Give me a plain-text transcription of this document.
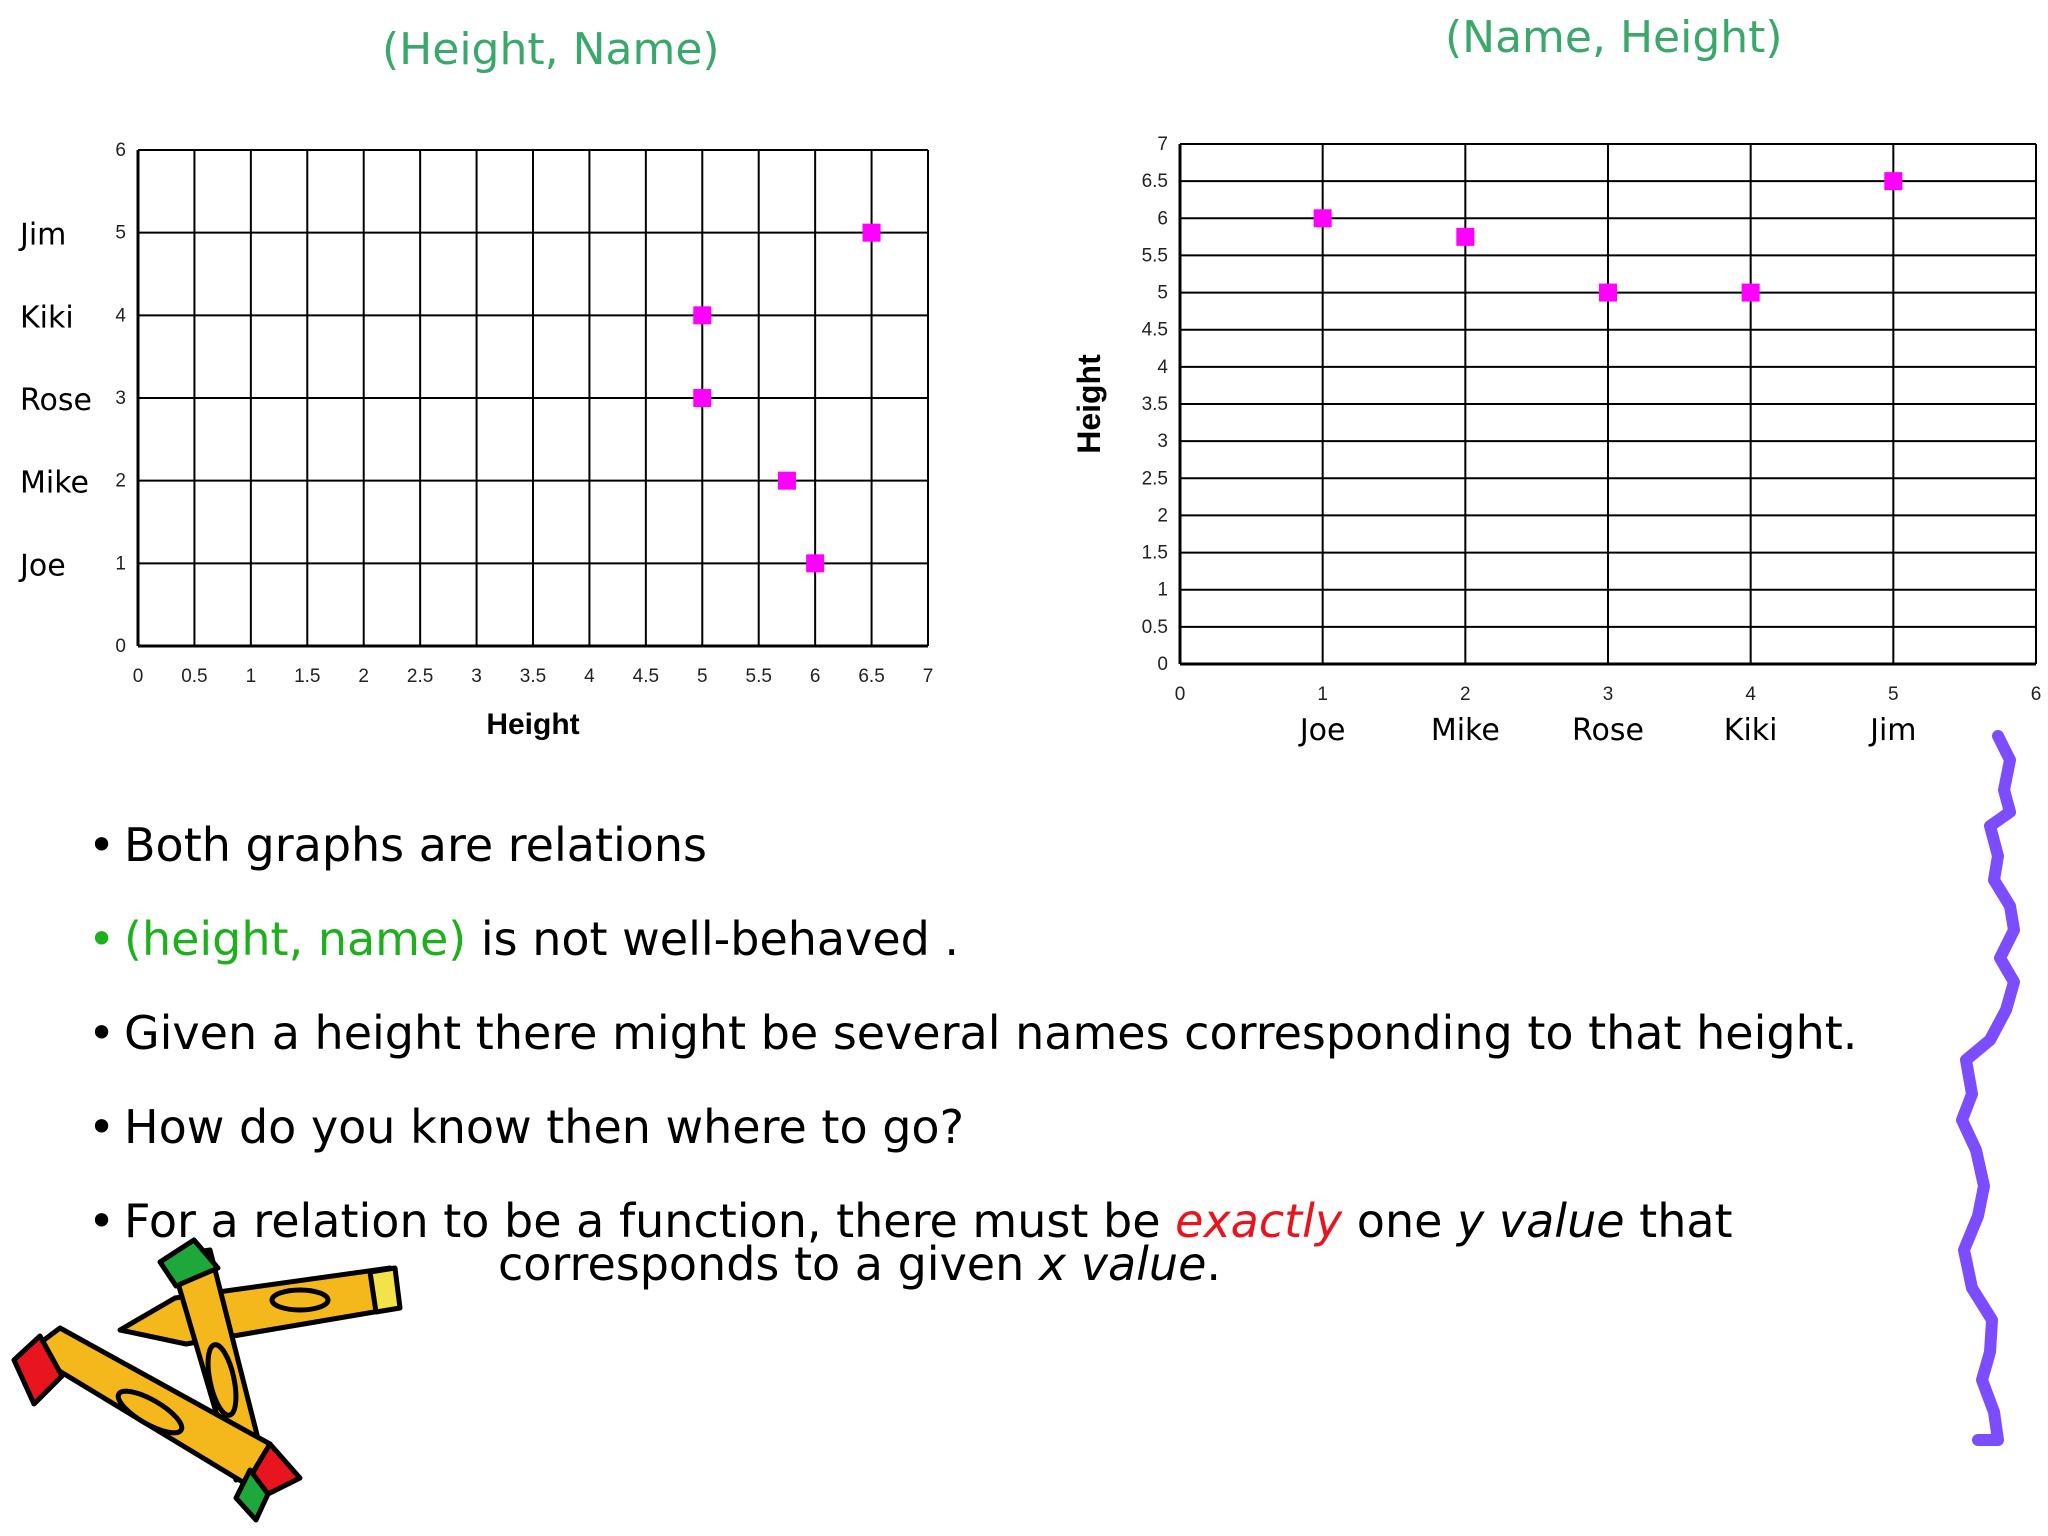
(Height, Name)	(Name, Height)
0 0.5 1 1.5 2 2.5 3 3.5 4 4.5 5 5.5 6 6.5 7
0
1
2
3
4
5
6
Height
Jim
Kiki
Rose
Mike
Joe
0	1	2	3	4	5	6
0
0.5
1
1.5
2
2.5
3
3.5
4
4.5
5
5.5
6
6.5
7
Height
Joe	Mike Rose	Kiki	Jim
• Both graphs are relations
• (height, name) is not well-behaved .
• Given a height there might be several names corresponding to that height.
• How do you know then where to go?
• For a relation to be a function, there must be exactly one y value that
corresponds to a given x value.
